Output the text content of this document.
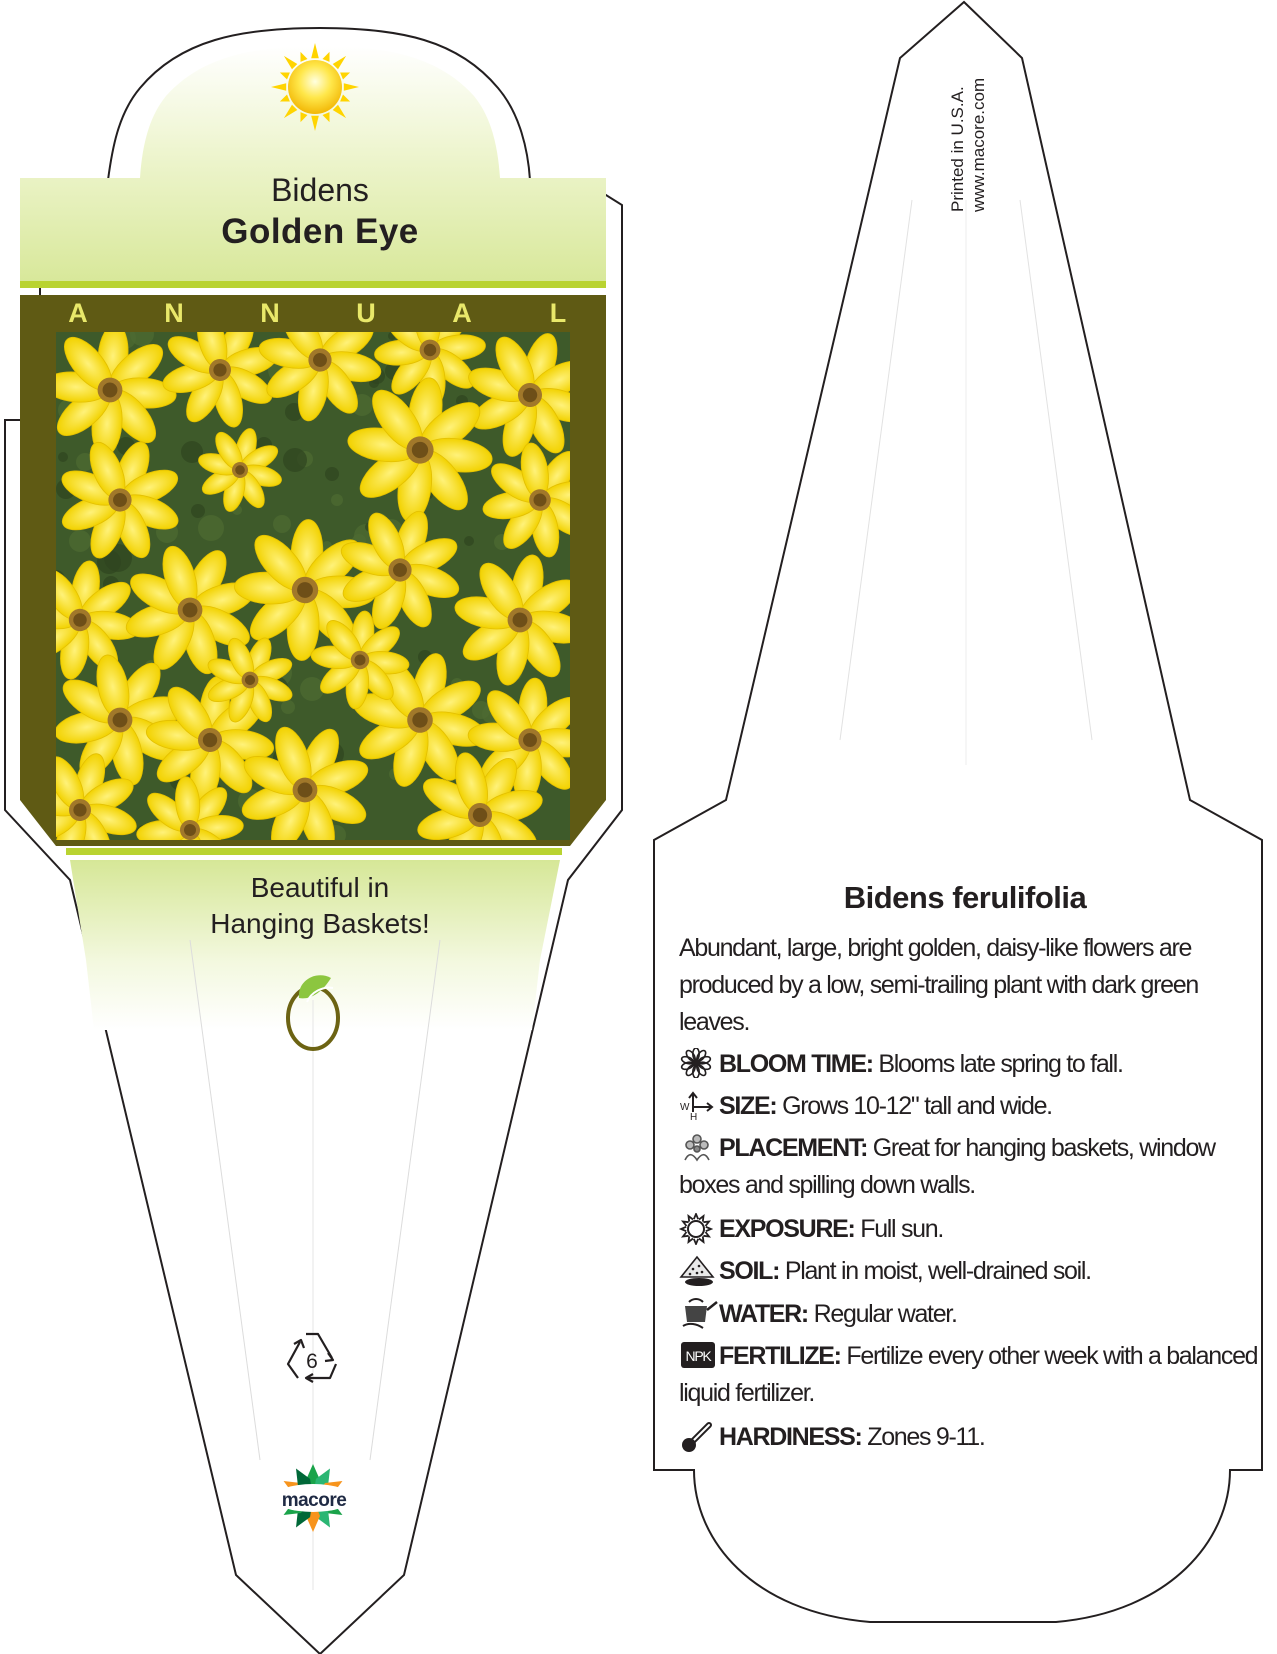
Bidens
Golden Eye
A	N	N	U	A	L
Beautiful in
Hanging Baskets!
6
macore
Printed in U.S.A. www.macore.com
Bidens ferulifolia
Abundant, large, bright golden, daisy-like flowers are produced by a low, semi-trailing plant with dark green leaves.
BLOOM TIME: Blooms late spring to fall.
W
H SIZE: Grows 10-12" tall and wide.
PLACEMENT: Great for hanging baskets, window boxes and spilling down walls.
EXPOSURE: Full sun.
SOIL: Plant in moist, well-drained soil.
WATER: Regular water.
NPK FERTILIZE: Fertilize every other week with a balanced liquid fertilizer.
HARDINESS: Zones 9-11.
